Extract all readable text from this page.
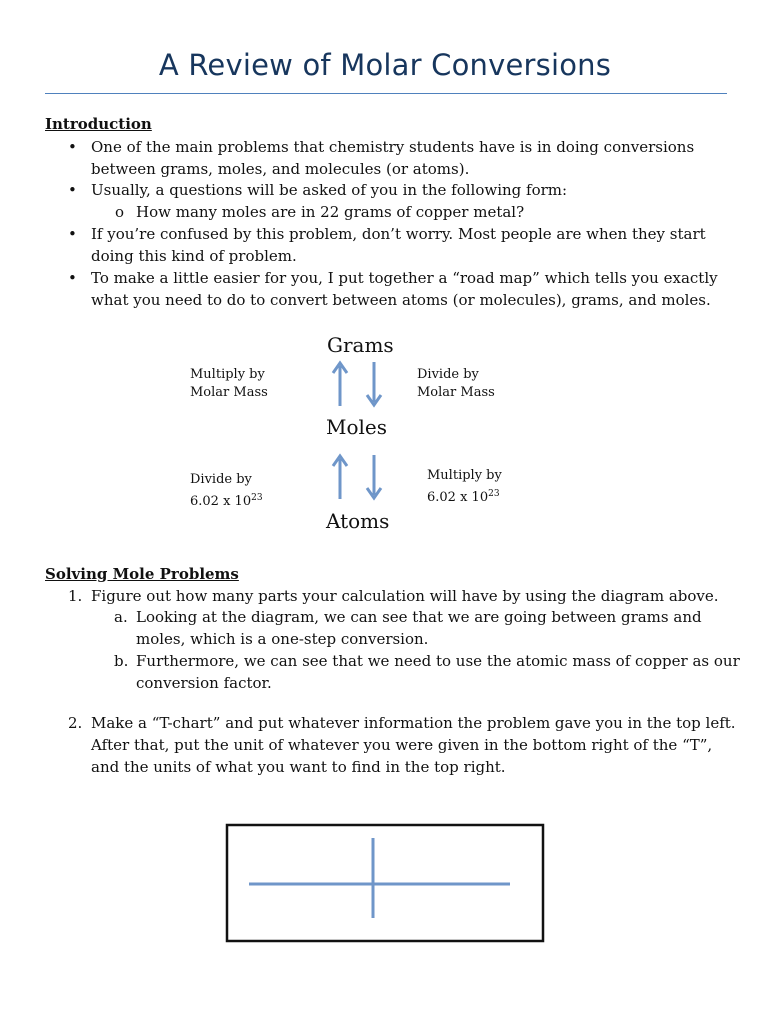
A Review of Molar Conversions
Introduction
• One of the main problems that chemistry students have is in doing conversions
between grams, moles, and molecules (or atoms).
• Usually, a questions will be asked of you in the following form:
o How many moles are in 22 grams of copper metal?
• If you’re confused by this problem, don’t worry. Most people are when they start
doing this kind of problem.
• To make a little easier for you, I put together a “road map” which tells you exactly
what you need to do to convert between atoms (or molecules), grams, and moles.
Grams
Moles
Atoms
Multiply by
Molar Mass
Divide by
Molar Mass
Divide by
6.02 x $10^{23}$
Multiply by
6.02 x $10^{23}$
Solving Mole Problems
1. Figure out how many parts your calculation will have by using the diagram above.
a. Looking at the diagram, we can see that we are going between grams and
moles, which is a one-step conversion.
b. Furthermore, we can see that we need to use the atomic mass of copper as our
conversion factor.
2. Make a “T-chart” and put whatever information the problem gave you in the top left.
After that, put the unit of whatever you were given in the bottom right of the “T”,
and the units of what you want to find in the top right.
